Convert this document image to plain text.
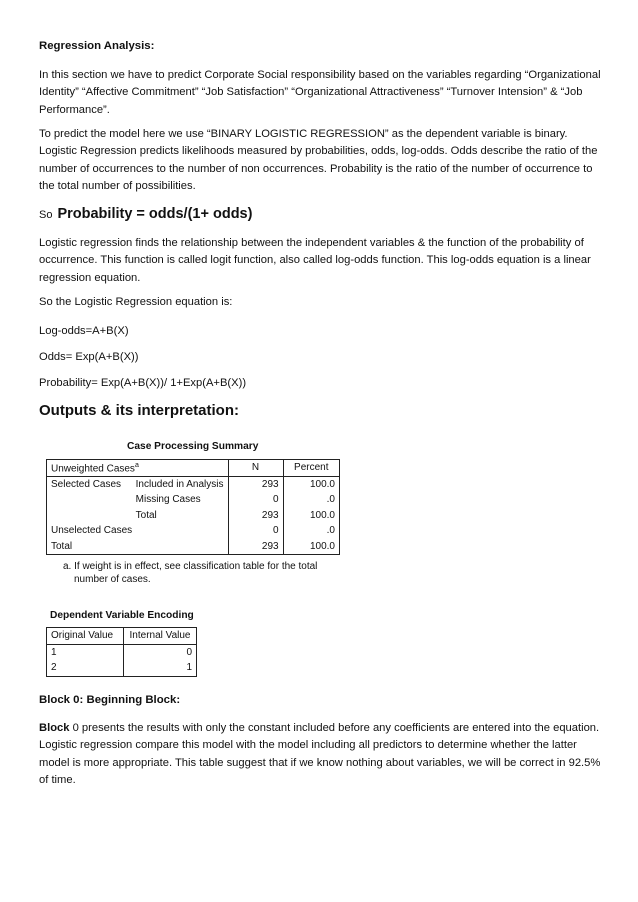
Regression Analysis:

In this section we have to predict Corporate Social responsibility based on the variables regarding “Organizational Identity” “Affective Commitment” “Job Satisfaction” “Organizational Attractiveness” “Turnover Intension” & “Job Performance”.

To predict the model here we use “BINARY LOGISTIC REGRESSION” as the dependent variable is binary. Logistic Regression predicts likelihoods measured by probabilities, odds, log-odds. Odds describe the ratio of the number of occurrences to the number of non occurrences. Probability is the ratio of the number of occurrence to the total number of possibilities.

So Probability = odds/(1+ odds)

Logistic regression finds the relationship between the independent variables & the function of the probability of occurrence. This function is called logit function, also called log-odds function. This log-odds equation is a linear regression equation.

So the Logistic Regression equation is:

Log-odds=A+B(X)

Odds= Exp(A+B(X))

Probability= Exp(A+B(X))/ 1+Exp(A+B(X))

Outputs & its interpretation:
Case Processing Summary
Unweighted Cases$^a$		N	Percent
Selected Cases	Included in Analysis	293	100.0
	Missing Cases	0	.0
	Total	293	100.0
Unselected Cases		0	.0
Total		293	100.0
a. If weight is in effect, see classification table for the total
number of cases.
Dependent Variable Encoding
Original Value	Internal Value
1	0
2	1

Block 0: Beginning Block:

Block 0 presents the results with only the constant included before any coefficients are entered into the equation. Logistic regression compare this model with the model including all predictors to determine whether the latter model is more appropriate. This table suggest that if we know nothing about variables, we will be correct in 92.5% of time.
